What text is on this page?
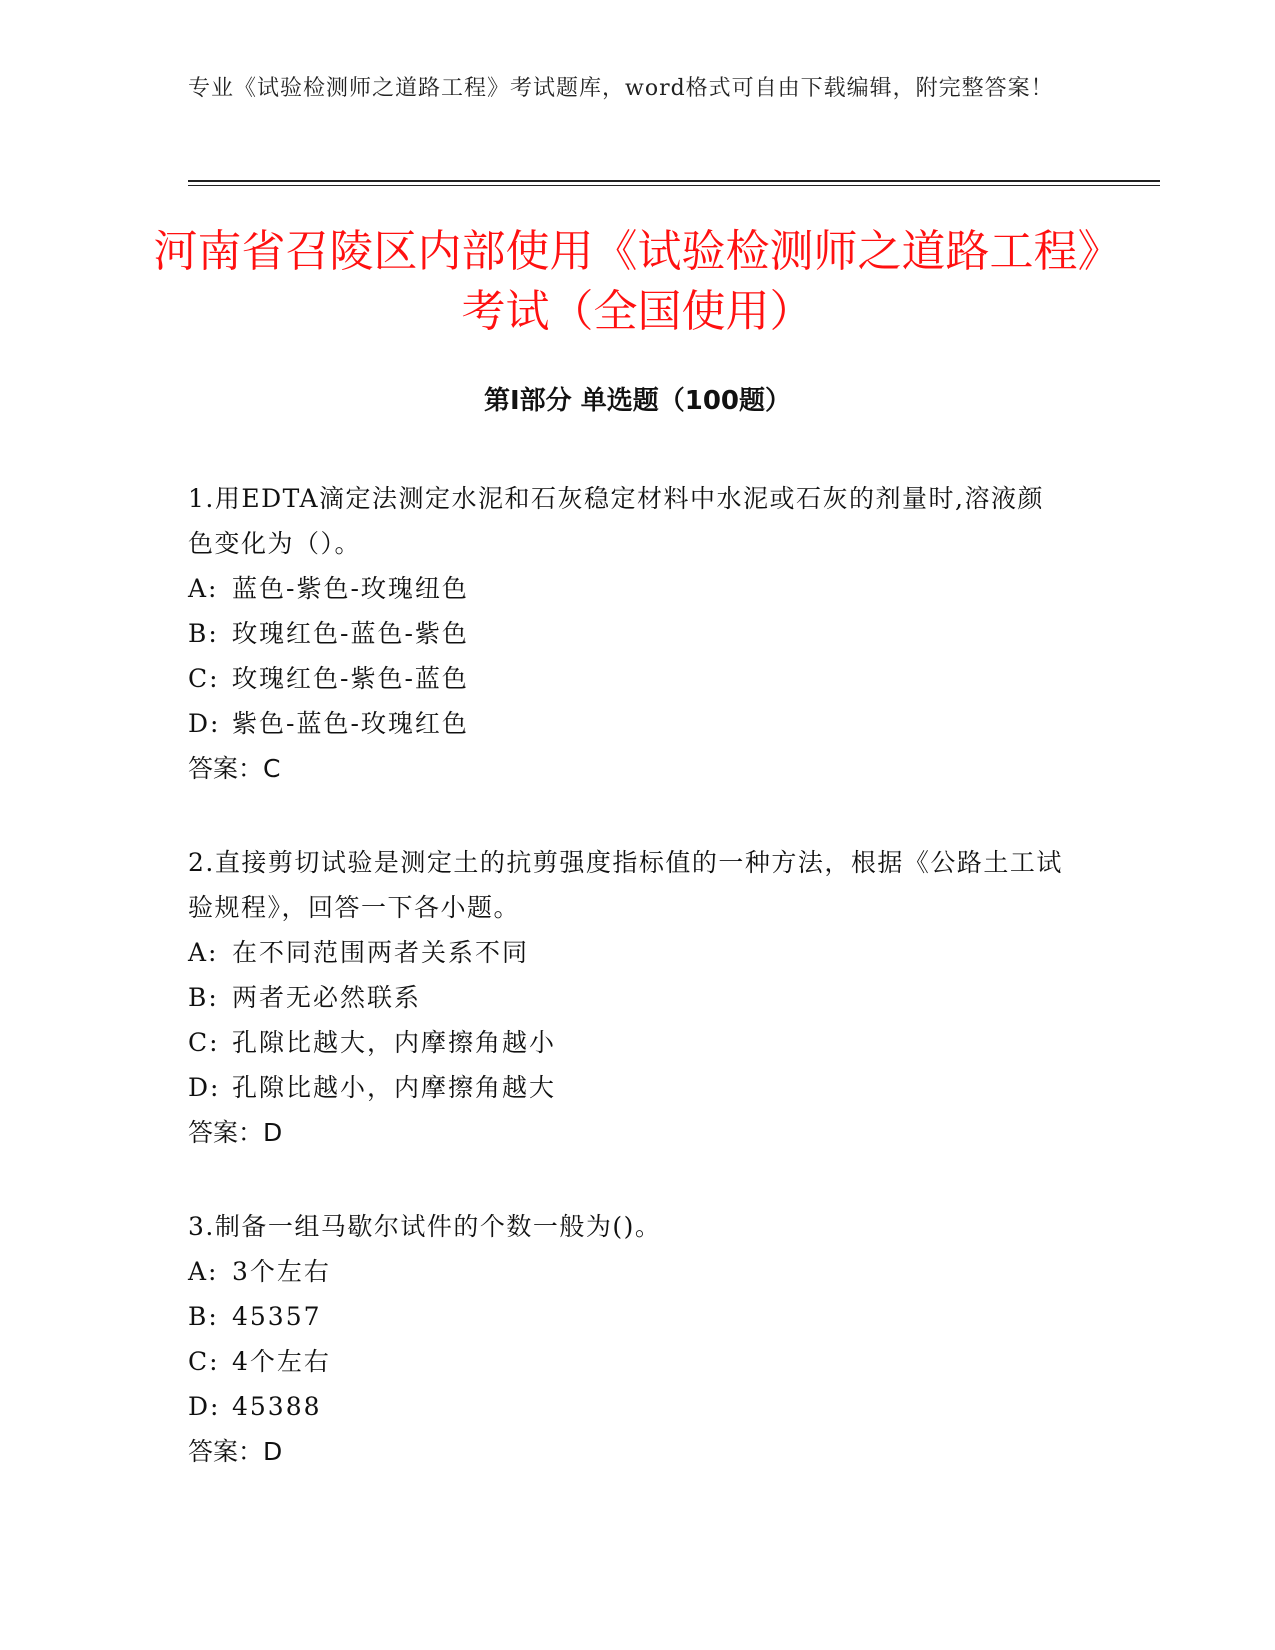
专业《试验检测师之道路工程》考试题库，word格式可自由下载编辑，附完整答案！
河南省召陵区内部使用《试验检测师之道路工程》考试（全国使用）
第Ⅰ部分 单选题（100题）

1.用EDTA滴定法测定水泥和石灰稳定材料中水泥或石灰的剂量时,溶液颜色变化为（）。

A: 蓝色-紫色-玫瑰纽色

B: 玫瑰红色-蓝色-紫色

C: 玫瑰红色-紫色-蓝色

D: 紫色-蓝色-玫瑰红色

答案：C

2.直接剪切试验是测定土的抗剪强度指标值的一种方法，根据《公路土工试验规程》，回答一下各小题。

A: 在不同范围两者关系不同

B: 两者无必然联系

C: 孔隙比越大，内摩擦角越小

D: 孔隙比越小，内摩擦角越大

答案：D

3.制备一组马歇尔试件的个数一般为()。

A: 3个左右

B: 45357

C: 4个左右

D: 45388

答案：D
